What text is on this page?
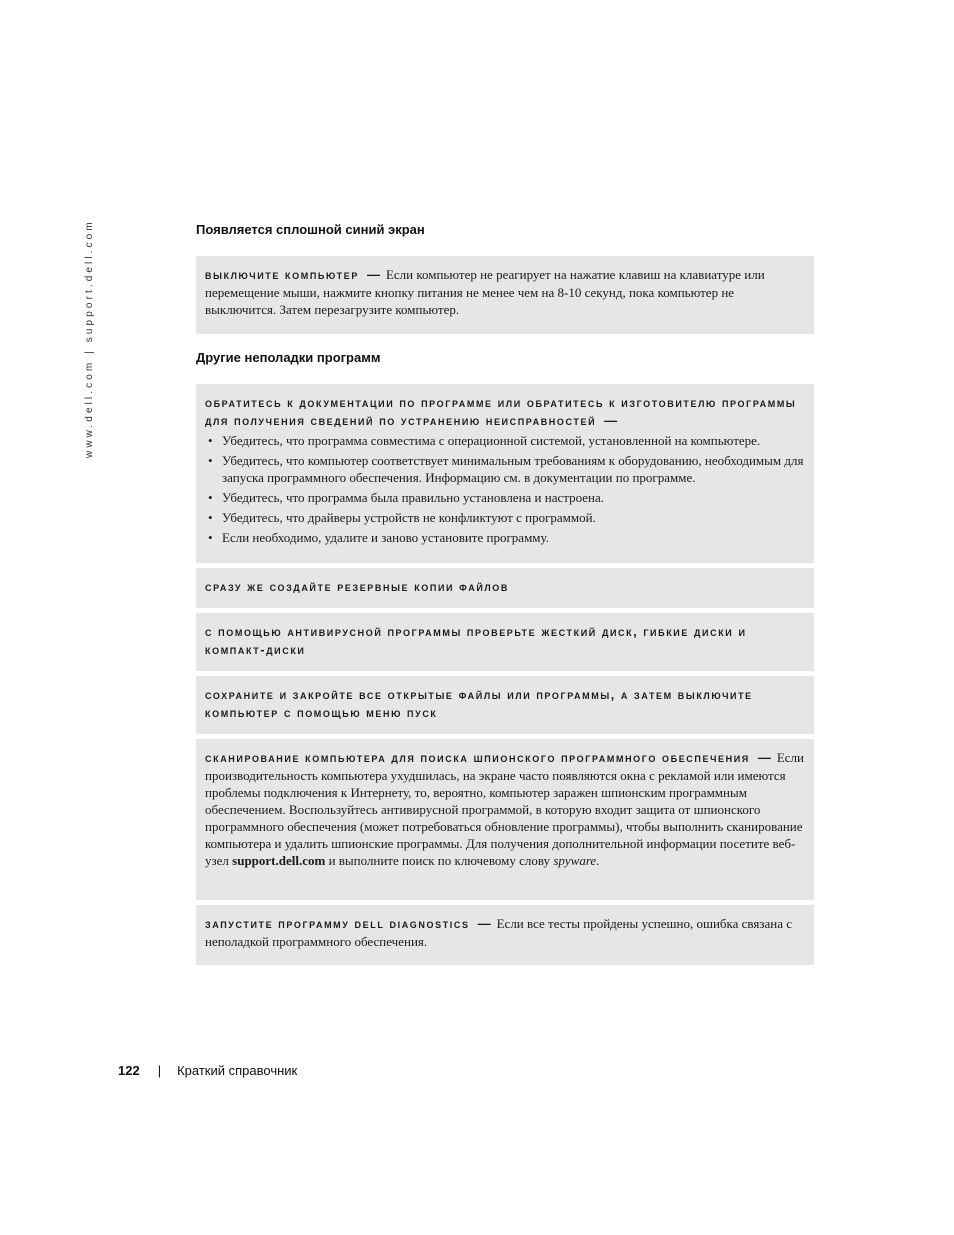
www.dell.com | support.dell.com	Появляется сплошной синий экран
выключите компьютер — Если компьютер не реагирует на нажатие клавиш на клавиатуре или перемещение мыши, нажмите кнопку питания не менее чем на 8-10 секунд, пока компьютер не выключится. Затем перезагрузите компьютер.
Другие неполадки программ
обратитесь к документации по программе или обратитесь к изготовителю программы для получения сведений по устранению неисправностей —
• Убедитесь, что программа совместима с операционной системой, установленной на компьютере.
• Убедитесь, что компьютер соответствует минимальным требованиям к оборудованию, необходимым для запуска программного обеспечения. Информацию см. в документации по программе.
• Убедитесь, что программа была правильно установлена и настроена.
• Убедитесь, что драйверы устройств не конфликтуют с программой.
• Если необходимо, удалите и заново установите программу.
сразу же создайте резервные копии файлов
с помощью антивирусной программы проверьте жесткий диск, гибкие диски и компакт-диски
сохраните и закройте все открытые файлы или программы, а затем выключите компьютер с помощью меню пуск
сканирование компьютера для поиска шпионского программного обеспечения — Если производительность компьютера ухудшилась, на экране часто появляются окна с рекламой или имеются проблемы подключения к Интернету, то, вероятно, компьютер заражен шпионским программным обеспечением. Воспользуйтесь антивирусной программой, в которую входит защита от шпионского программного обеспечения (может потребоваться обновление программы), чтобы выполнить сканирование компьютера и удалить шпионские программы. Для получения дополнительной информации посетите веб-узел support.dell.com и выполните поиск по ключевому слову spyware.
запустите программу dell diagnostics — Если все тесты пройдены успешно, ошибка связана с неполадкой программного обеспечения.
122 | Краткий справочник
